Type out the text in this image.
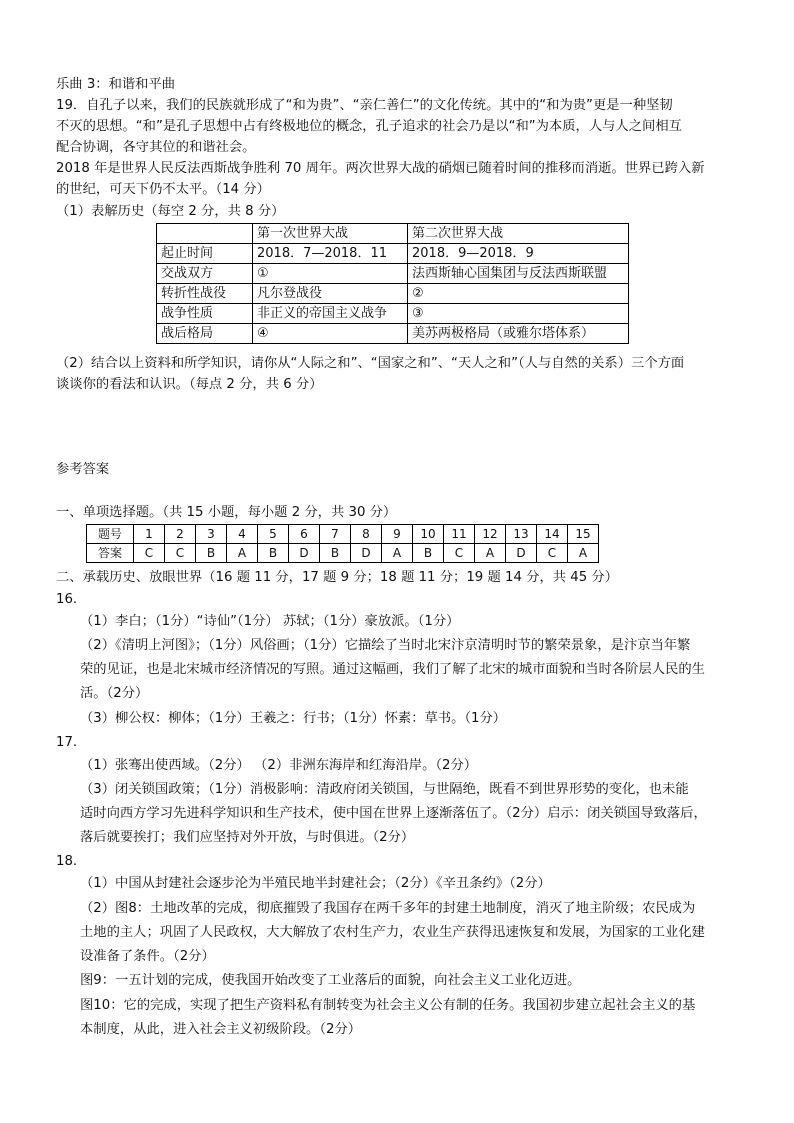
乐曲 3：和谐和平曲
19．自孔子以来，我们的民族就形成了“和为贵”、“亲仁善仁”的文化传统。其中的“和为贵”更是一种坚韧
不灭的思想。“和”是孔子思想中占有终极地位的概念，孔子追求的社会乃是以“和”为本质，人与人之间相互
配合协调，各守其位的和谐社会。
2018 年是世界人民反法西斯战争胜利 70 周年。两次世界大战的硝烟已随着时间的推移而消逝。世界已跨入新
的世纪，可天下仍不太平。（14 分）
（1）表解历史（每空 2 分，共 8 分）
	第一次世界大战	第二次世界大战
起止时间	2018．7—2018．11	2018．9—2018．9
交战双方	①	法西斯轴心国集团与反法西斯联盟
转折性战役	凡尔登战役	②
战争性质	非正义的帝国主义战争	③
战后格局	④	美苏两极格局（或雅尔塔体系）
（2）结合以上资料和所学知识，请你从“人际之和”、“国家之和”、“天人之和”（人与自然的关系）三个方面
谈谈你的看法和认识。（每点 2 分，共 6 分）
参考答案
一、单项选择题。（共 15 小题，每小题 2 分，共 30 分）
题号	1	2	3	4	5	6	7	8	9	10	11	12	13	14	15
答案	C	C	B	A	B	D	B	D	A	B	C	A	D	C	A
二、承载历史、放眼世界（16 题 11 分，17 题 9 分；18 题 11 分；19 题 14 分，共 45 分）
16.
（1）李白；（1分）“诗仙”（1分） 苏轼；（1分）豪放派。（1分）
（2）《清明上河图》；（1分）风俗画；（1分）它描绘了当时北宋汴京清明时节的繁荣景象，是汴京当年繁
荣的见证，也是北宋城市经济情况的写照。通过这幅画，我们了解了北宋的城市面貌和当时各阶层人民的生
活。（2分）
（3）柳公权：柳体；（1分）王羲之：行书；（1分）怀素：草书。（1分）
17.
（1）张骞出使西域。（2分） （2）非洲东海岸和红海沿岸。（2分）
（3）闭关锁国政策；（1分）消极影响：清政府闭关锁国，与世隔绝，既看不到世界形势的变化，也未能
适时向西方学习先进科学知识和生产技术，使中国在世界上逐渐落伍了。（2分）启示：闭关锁国导致落后，
落后就要挨打；我们应坚持对外开放，与时俱进。（2分）
18.
（1）中国从封建社会逐步沦为半殖民地半封建社会；（2分）《辛丑条约》（2分）
（2）图8：土地改革的完成，彻底摧毁了我国存在两千多年的封建土地制度，消灭了地主阶级；农民成为
土地的主人；巩固了人民政权，大大解放了农村生产力，农业生产获得迅速恢复和发展，为国家的工业化建
设准备了条件。（2分）
图9：一五计划的完成，使我国开始改变了工业落后的面貌，向社会主义工业化迈进。
图10：它的完成，实现了把生产资料私有制转变为社会主义公有制的任务。我国初步建立起社会主义的基
本制度，从此，进入社会主义初级阶段。（2分）
